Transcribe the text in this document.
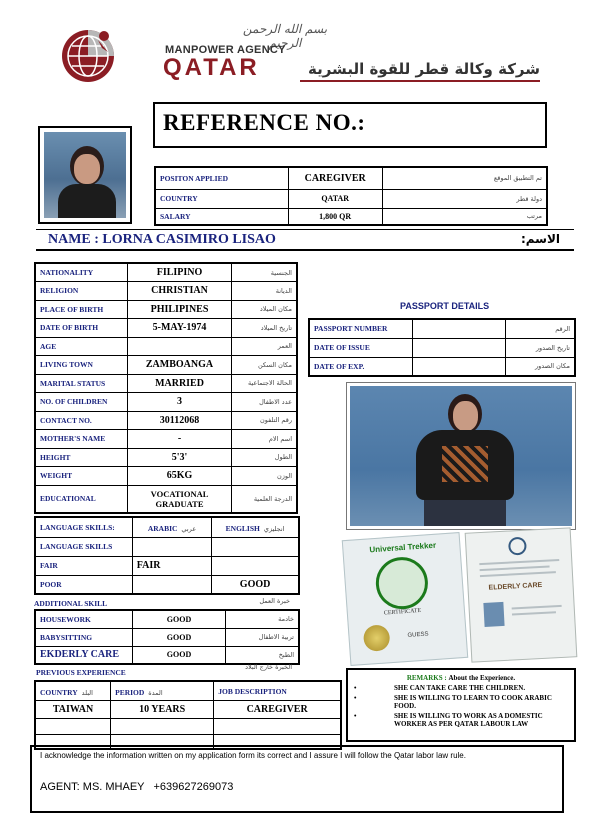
بسم الله الرحمن الرحيم
MANPOWER AGENCY
QATAR	شركة وكالة قطر للقوة البشرية
REFERENCE NO.:
POSITON APPLIED	CAREGIVER	تم التطبيق الموقع
COUNTRY	QATAR	دولة قطر
SALARY	1,800 QR	مرتب
NAME : LORNA CASIMIRO LISAO	الاسم:
NATIONALITY	FILIPINO	الجنسية
RELIGION	CHRISTIAN	الديانة
PLACE OF BIRTH	PHILIPINES	مكان الميلاد
DATE OF BIRTH	5-MAY-1974	تاريخ الميلاد
AGE		العمر
LIVING TOWN	ZAMBOANGA	مكان السكن
MARITAL STATUS	MARRIED	الحالة الاجتماعية
NO. OF CHILDREN	3	عدد الاطفال
CONTACT NO.	30112068	رقم التلفون
MOTHER'S NAME	-	اسم الام
HEIGHT	5'3'	الطول
WEIGHT	65KG	الوزن
EDUCATIONAL	VOCATIONAL GRADUATE	الدرجة العلمية
PASSPORT DETAILS
PASSPORT NUMBER		الرقم
DATE OF ISSUE		تاريخ الصدور
DATE OF EXP.		مكان الصدور
Universal Trekker
CERTIFICATE
GUESS
ELDERLY CARE
LANGUAGE SKILLS:	ARABIC عربي	ENGLISH انجليزي
LANGUAGE SKILLS		
FAIR	FAIR	
POOR		GOOD
ADDITIONAL SKILL	خبرة العمل
HOUSEWORK	GOOD	خادمة
BABYSITTING	GOOD	تربية الاطفال
EKDERLY CARE	GOOD	الطبخ
PREVIOUS EXPERIENCE
الخبرة خارج البلاد
COUNTRY البلد	PERIOD المدة	JOB DESCRIPTION
TAIWAN	10 YEARS	CAREGIVER

REMARKS : About the Experience.
•	SHE CAN TAKE CARE THE CHILDREN.
•	SHE IS WILLING TO LEARN TO COOK ARABIC FOOD.
•	SHE IS WILLING TO WORK AS A DOMESTIC WORKER AS PER QATAR LABOUR LAW
I acknowledge the information written on my application form its correct and I assure I will follow the Qatar labor law rule.
AGENT: MS. MHAEY   +639627269073
